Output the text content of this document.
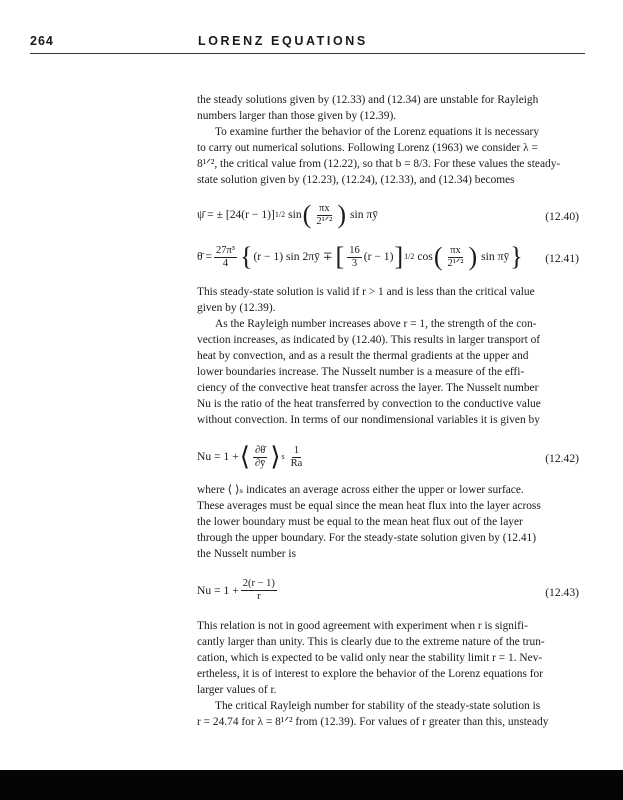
264	LORENZ EQUATIONS

the steady solutions given by (12.33) and (12.34) are unstable for Rayleigh
numbers larger than those given by (12.39).

To examine further the behavior of the Lorenz equations it is necessary

to carry out numerical solutions. Following Lorenz (1963) we consider λ =
8¹ᐟ², the critical value from (12.22), so that b = 8/3. For these values the steady-
state solution given by (12.23), (12.24), (12.33), and (12.34) becomes

ψ̄ = ± [24(r − 1)] 1/2 sin ( $\frac{\pi x}{\text{2¹ᐟ²}}$ ) sin πȳ	(12.40)
θ̄ = $\frac{\text{27π³}}{4}$ { (r − 1) sin 2πȳ ∓ [ $\frac{16}{3} (r - 1)$ ] 1/2 cos ( $\frac{\pi x}{\text{2¹ᐟ²}}$ ) sin πȳ } (12.41)

This steady-state solution is valid if r > 1 and is less than the critical value
given by (12.39).

As the Rayleigh number increases above r = 1, the strength of the con-

vection increases, as indicated by (12.40). This results in larger transport of
heat by convection, and as a result the thermal gradients at the upper and
lower boundaries increase. The Nusselt number is a measure of the effi-
ciency of the convective heat transfer across the layer. The Nusselt number
Nu is the ratio of the heat transferred by convection to the conductive value
without convection. In terms of our nondimensional variables it is given by

Nu = 1 + ⟨ $\frac{\partial\thetā}{\partial ȳ}$ ⟩ s $\frac{1}{Ra}$	(12.42)

where ⟨ ⟩ₛ indicates an average across either the upper or lower surface.
These averages must be equal since the mean heat flux into the layer across
the lower boundary must be equal to the mean heat flux out of the layer
through the upper boundary. For the steady-state solution given by (12.41)
the Nusselt number is

$Nu = 1 + \frac{2(r - 1)}{r}$	(12.43)

This relation is not in good agreement with experiment when r is signifi-
cantly larger than unity. This is clearly due to the extreme nature of the trun-
cation, which is expected to be valid only near the stability limit r = 1. Nev-
ertheless, it is of interest to explore the behavior of the Lorenz equations for
larger values of r.

The critical Rayleigh number for stability of the steady-state solution is

r = 24.74 for λ = 8¹ᐟ² from (12.39). For values of r greater than this, unsteady
